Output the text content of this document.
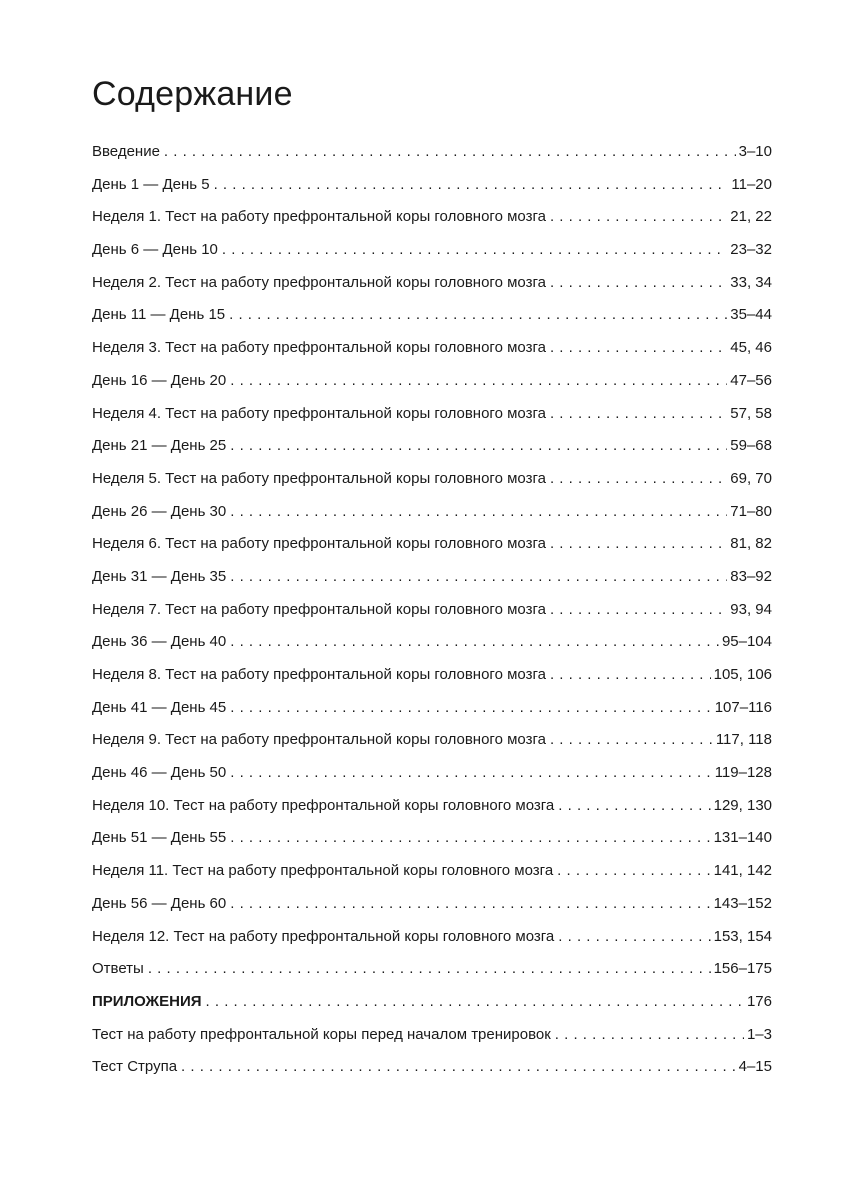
Содержание
Введение . . .	3–10
День 1 — День 5 . . .	11–20
Неделя 1. Тест на работу префронтальной коры головного мозга . . .	21, 22
День 6 — День 10 . . .	23–32
Неделя 2. Тест на работу префронтальной коры головного мозга . . .	33, 34
День 11 — День 15 . . .	35–44
Неделя 3. Тест на работу префронтальной коры головного мозга . . .	45, 46
День 16 — День 20 . . .	47–56
Неделя 4. Тест на работу префронтальной коры головного мозга . . .	57, 58
День 21 — День 25 . . .	59–68
Неделя 5. Тест на работу префронтальной коры головного мозга . . .	69, 70
День 26 — День 30 . . .	71–80
Неделя 6. Тест на работу префронтальной коры головного мозга . . .	81, 82
День 31 — День 35 . . .	83–92
Неделя 7. Тест на работу префронтальной коры головного мозга . . .	93, 94
День 36 — День 40 . . .	95–104
Неделя 8. Тест на работу префронтальной коры головного мозга . . .	105, 106
День 41 — День 45 . . .	107–116
Неделя 9. Тест на работу префронтальной коры головного мозга . . .	117, 118
День 46 — День 50 . . .	119–128
Неделя 10. Тест на работу префронтальной коры головного мозга . . .	129, 130
День 51 — День 55 . . .	131–140
Неделя 11. Тест на работу префронтальной коры головного мозга . . .	141, 142
День 56 — День 60 . . .	143–152
Неделя 12. Тест на работу префронтальной коры головного мозга . . .	153, 154
Ответы . . .	156–175
ПРИЛОЖЕНИЯ . . .	176
Тест на работу префронтальной коры перед началом тренировок . . .	1–3
Тест Струпа . . .	4–15
